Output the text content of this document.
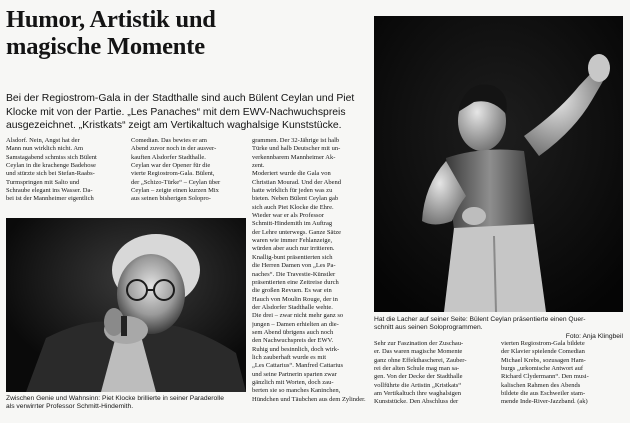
Humor, Artistik und
magische Momente
Bei der Regiostrom-Gala in der Stadthalle sind auch Bülent Ceylan und Piet
Klocke mit von der Partie. „Les Panaches“ mit dem EWV-Nachwuchspreis
ausgezeichnet. „Kristkats“ zeigt am Vertikaltuch waghalsige Kunststücke.
Alsdorf. Nein, Angst hat der
Mann nun wirklich nicht. Am
Samstagabend schmiss sich Bülent
Ceylan in die krachenge Badehose
und stürzte sich bei Stefan-Raabs-
Turmspringen mit Salto und
Schraube elegant ins Wasser. Da-
bei ist der Mannheimer eigentlich
Comedian. Das bewies er am
Abend zuvor noch in der ausver-
kauften Alsdorfer Stadthalle.
Ceylan war der Opener für die
vierte Regiostrom-Gala. Bülent,
der „Schizo-Türke“ – Ceylan über
Ceylan – zeigte einen kurzen Mix
aus seinen bisherigen Solopro-
grammen. Der 32-Jährige ist halb
Türke und halb Deutscher mit un-
verkennbarem Mannheimer Ak-
zent.
Moderiert wurde die Gala von
Christian Mourad. Und der Abend
hatte wirklich für jeden was zu
bieten. Neben Bülent Ceylan gab
sich auch Piet Klocke die Ehre.
Wieder war er als Professor
Schmitt-Hindemith im Auftrag
der Lehre unterwegs. Ganze Sätze
waren wie immer Fehlanzeige,
würden aber auch nur irritieren.
Knallig-bunt präsentierten sich
die Herren Damen von „Les Pa-
naches“. Die Travestie-Künstler
präsentierten eine Zeitreise durch
die großen Revuen. Es war ein
Hauch von Moulin Rouge, der in
der Alsdorfer Stadthalle wehte.
Die drei – zwar nicht mehr ganz so
jungen – Damen erhielten an die-
sem Abend übrigens auch noch
den Nachwuchspreis der EWV.
Ruhig und besinnlich, doch wirk-
lich zauberhaft wurde es mit
„Les Cattarius“. Manfred Cattarius
und seine Partnerin sparten zwar
gänzlich mit Worten, doch zau-
berten sie so manches Kaninchen,
Hündchen und Täubchen aus dem Zylinder.
Sehr zur Faszination der Zuschau-
er. Das waren magische Momente
ganz ohne Effekthascherei, Zauber-
rei der alten Schule mag man sa-
gen. Von der Decke der Stadthalle
vollführte die Artistin „Kristkats“
am Vertikaltuch ihre waghalsigen
Kunststücke. Den Abschluss der
vierten Regiostrom-Gala bildete
der Klavier spielende Comedian
Michael Krebs, sozusagen Ham-
burgs „urkomische Antwort auf
Richard Clydermann“. Den musi-
kalischen Rahmen des Abends
bildete die aus Eschweiler stam-
mende Inde-River-Jazzband. (ak)
Zwischen Genie und Wahnsinn: Piet Klocke brillierte in seiner Paraderolle
als verwirrter Professor Schmitt-Hindemith.
Hat die Lacher auf seiner Seite: Bülent Ceylan präsentierte einen Quer-
schnitt aus seinen Soloprogrammen.
Foto: Anja Klingbeil
